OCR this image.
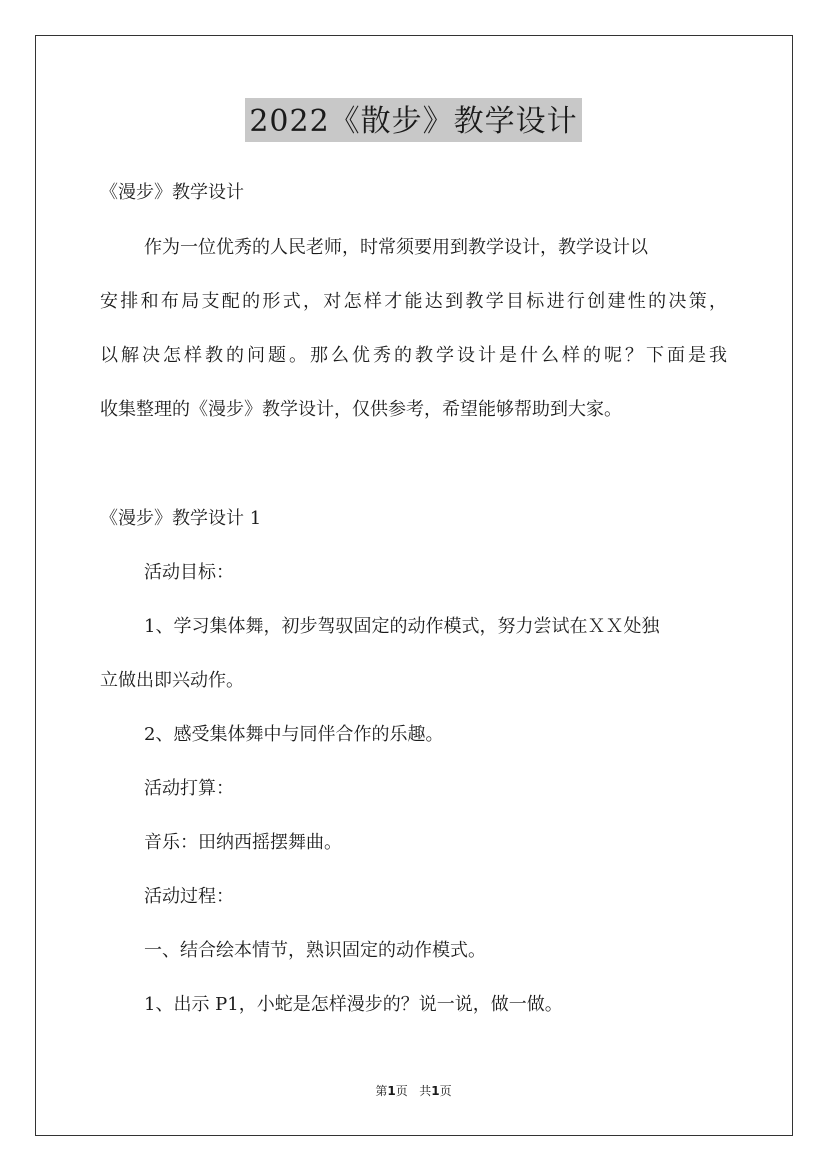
2022《散步》教学设计
《漫步》教学设计
作为一位优秀的人民老师，时常须要用到教学设计，教学设计以
安排和布局支配的形式，对怎样才能达到教学目标进行创建性的决策，
以解决怎样教的问题。那么优秀的教学设计是什么样的呢？下面是我
收集整理的《漫步》教学设计，仅供参考，希望能够帮助到大家。
《漫步》教学设计 1
活动目标：
1、学习集体舞，初步驾驭固定的动作模式，努力尝试在ＸＸ处独
立做出即兴动作。
2、感受集体舞中与同伴合作的乐趣。
活动打算：
音乐：田纳西摇摆舞曲。
活动过程：
一、结合绘本情节，熟识固定的动作模式。
1、出示 P1，小蛇是怎样漫步的？说一说，做一做。
第1页 共1页
